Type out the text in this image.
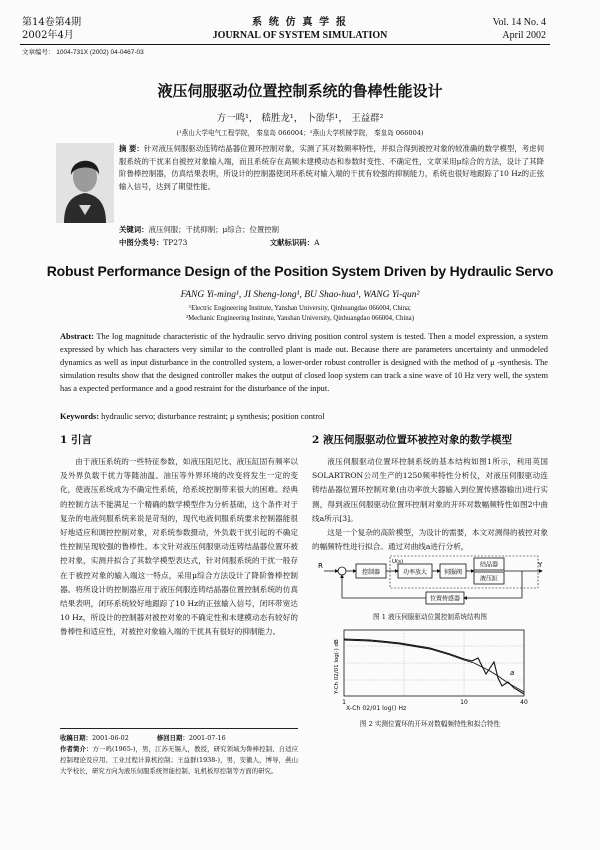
第14卷第4期
2002年4月
系 统 仿 真 学 报
JOURNAL OF SYSTEM SIMULATION
Vol. 14 No. 4
April 2002
文章编号： 1004-731X (2002) 04-0467-03
液压伺服驱动位置控制系统的鲁棒性能设计
方一鸣¹， 嵇胜龙¹， 卜劭华¹， 王益群²
(¹燕山大学电气工程学院， 秦皇岛 066004；²燕山大学机械学院， 秦皇岛 066004)
摘 要：针对液压伺服驱动连铸结晶器位置环控制对象，实测了其对数频率特性，并拟合得到被控对象的较准确的数学模型，考虑伺服系统的干扰来自被控对象输入端，而且系统存在高频未建模动态和参数时变性、不确定性，文章采用μ综合的方法，设计了其降阶鲁棒控制器，仿真结果表明，所设计的控制器使闭环系统对输入端的干扰有较强的抑制能力，系统也很好地跟踪了10 Hz的正弦输入信号，达到了期望性能。
关键词：液压伺服；干扰抑制；μ综合；位置控制
中图分类号：TP273	文献标识码：A
Robust Performance Design of the Position System Driven by Hydraulic Servo
FANG Yi-ming¹, JI Sheng-long¹, BU Shao-hua¹, WANG Yi-qun²
¹Electric Engineering Institute, Yanshan University, Qinhuangdao 066004, China;
²Mechanic Engineering Institute, Yanshan University, Qinhuangdao 066004, China)
Abstract: The log magnitude characteristic of the hydraulic servo driving position control system is tested. Then a model expression, a system expressed by which has characters very similar to the controlled plant is made out. Because there are parameters uncertainty and unmodeled dynamics as well as input disturbance in the controlled system, a lower-order robust controller is designed with the method of μ -synthesis. The simulation results show that the designed controller makes the output of closed loop system can track a sine wave of 10 Hz very well, the system has a expected performance and a good restraint for the disturbance of the input.
Keywords: hydraulic servo; disturbance restraint; μ synthesis; position control
1 引言
由于液压系统的一些特征参数，如液压阻尼比、液压缸固有频率以及外界负载干扰力等随油温、油压等外界环境的改变将发生一定的变化，使液压系统成为不确定性系统，给系统控制带来很大的困难。经典的控制方法不能满足一个精确的数学模型作为分析基础，这个条件对于复杂的电液伺服系统来说是苛刻的，现代电液伺服系统要求控制器能很好地适应和调控控制对象，对系统参数摄动，外负载干扰引起的不确定性控制呈现较强的鲁棒性。本文针对液压伺服驱动连铸结晶器位置环被控对象，实测并拟合了其数学模型表达式，针对伺服系统的干扰一般存在于被控对象的输入端这一特点，采用μ综合方法设计了降阶鲁棒控制器。将所设计的控制器应用于液压伺服连铸结晶器位置控制系统的仿真结果表明，闭环系统较好地跟踪了10 Hz的正弦输入信号，闭环带宽达10 Hz，所设计的控制器对被控对象的不确定性和未建模动态有较好的鲁棒性和适应性，对被控对象输入端的干扰具有很好的抑制能力。
收稿日期：2001-06-02	修回日期：2001-07-16
作者简介：方一鸣(1965-)，男，江苏无锡人，教授，研究领域为鲁棒控制、自适应控制理论及应用、工业过程计算机控制；王益群(1938-)，男，安徽人，博导，燕山大学校长，研究方向为液压伺服系统智能控制、轧机板厚控制等方面的研究。
2 液压伺服驱动位置环被控对象的数学模型
液压伺服驱动位置环控制系统的基本结构如图1所示，利用英国SOLARTRON公司生产的1250频率特性分析仪，对液压伺服驱动连铸结晶器位置环控制对象(由功率放大器输入到位置传感器输出)进行实测，得到液压伺服驱动位置环控制对象的开环对数幅频特性如图2中曲线a所示[3]。
这是一个复杂的高阶模型，为设计的需要，本文对测得的被控对象的幅频特性进行拟合。通过对曲线a进行分析，
R
控制器
U(s)
功率放大	伺服阀
结晶器
液压缸
Y
位置传感器
图 1 液压伺服驱动位置控制系统结构图
a
Y-Ch 02/01 log(·) dB
1	10	40
X-Ch 02/01 log() Hz
图 2 实测位置环的开环对数幅频特性和拟合特性
